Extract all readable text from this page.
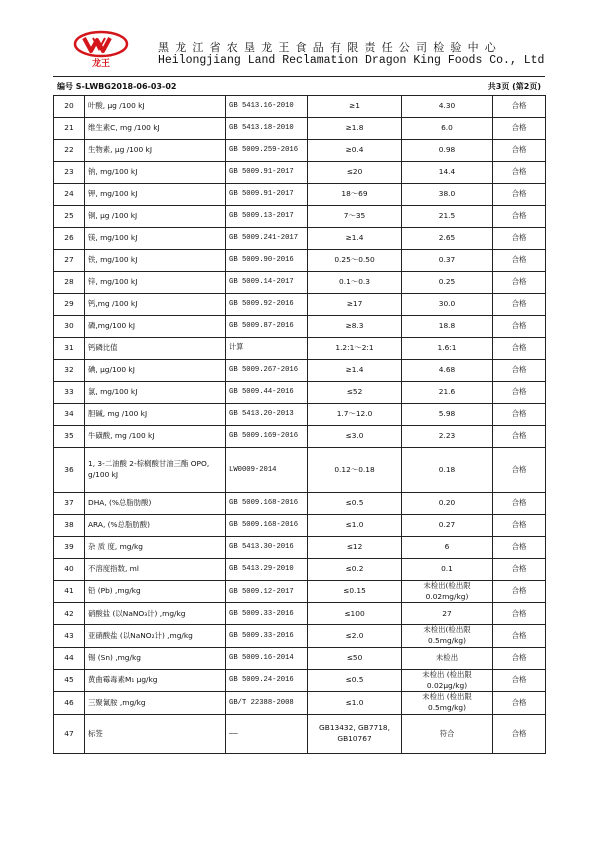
龙王
黑龙江省农垦龙王食品有限责任公司检验中心
Heilongjiang Land Reclamation Dragon King Foods Co., Ltd
编号 S-LWBG2018-06-03-02	共3页 (第2页)
20	叶酸, μg /100 kJ	GB 5413.16-2010	≥1	4.30	合格
21	维生素C, mg /100 kJ	GB 5413.18-2010	≥1.8	6.0	合格
22	生物素, μg /100 kJ	GB 5009.259-2016	≥0.4	0.98	合格
23	钠, mg/100 kJ	GB 5009.91-2017	≤20	14.4	合格
24	钾, mg/100 kJ	GB 5009.91-2017	18～69	38.0	合格
25	铜, μg /100 kJ	GB 5009.13-2017	7～35	21.5	合格
26	镁, mg/100 kJ	GB 5009.241-2017	≥1.4	2.65	合格
27	铁, mg/100 kJ	GB 5009.90-2016	0.25～0.50	0.37	合格
28	锌, mg/100 kJ	GB 5009.14-2017	0.1～0.3	0.25	合格
29	钙,mg /100 kJ	GB 5009.92-2016	≥17	30.0	合格
30	磷,mg/100 kJ	GB 5009.87-2016	≥8.3	18.8	合格
31	钙磷比值	计算	1.2:1～2:1	1.6:1	合格
32	碘, μg/100 kJ	GB 5009.267-2016	≥1.4	4.68	合格
33	氯, mg/100 kJ	GB 5009.44-2016	≤52	21.6	合格
34	胆碱, mg /100 kJ	GB 5413.20-2013	1.7～12.0	5.98	合格
35	牛磺酸, mg /100 kJ	GB 5009.169-2016	≤3.0	2.23	合格
36	1, 3-二油酸 2-棕榈酸甘油三酯 OPO, g/100 kJ	LW0009-2014	0.12～0.18	0.18	合格
37	DHA, (%总脂肪酸)	GB 5009.168-2016	≤0.5	0.20	合格
38	ARA, (%总脂肪酸)	GB 5009.168-2016	≤1.0	0.27	合格
39	杂 质 度, mg/kg	GB 5413.30-2016	≤12	6	合格
40	不溶度指数, ml	GB 5413.29-2010	≤0.2	0.1	合格
41	铅 (Pb) ,mg/kg	GB 5009.12-2017	≤0.15	未检出(检出限 0.02mg/kg)	合格
42	硝酸盐 (以NaNO₃计) ,mg/kg	GB 5009.33-2016	≤100	27	合格
43	亚硝酸盐 (以NaNO₂计) ,mg/kg	GB 5009.33-2016	≤2.0	未检出(检出限 0.5mg/kg)	合格
44	锡 (Sn) ,mg/kg	GB 5009.16-2014	≤50	未检出	合格
45	黄曲霉毒素M₁ μg/kg	GB 5009.24-2016	≤0.5	未检出 (检出限 0.02μg/kg)	合格
46	三聚氰胺 ,mg/kg	GB/T 22388-2008	≤1.0	未检出 (检出限 0.5mg/kg)	合格
47	标签	——	GB13432, GB7718, GB10767	符合	合格
